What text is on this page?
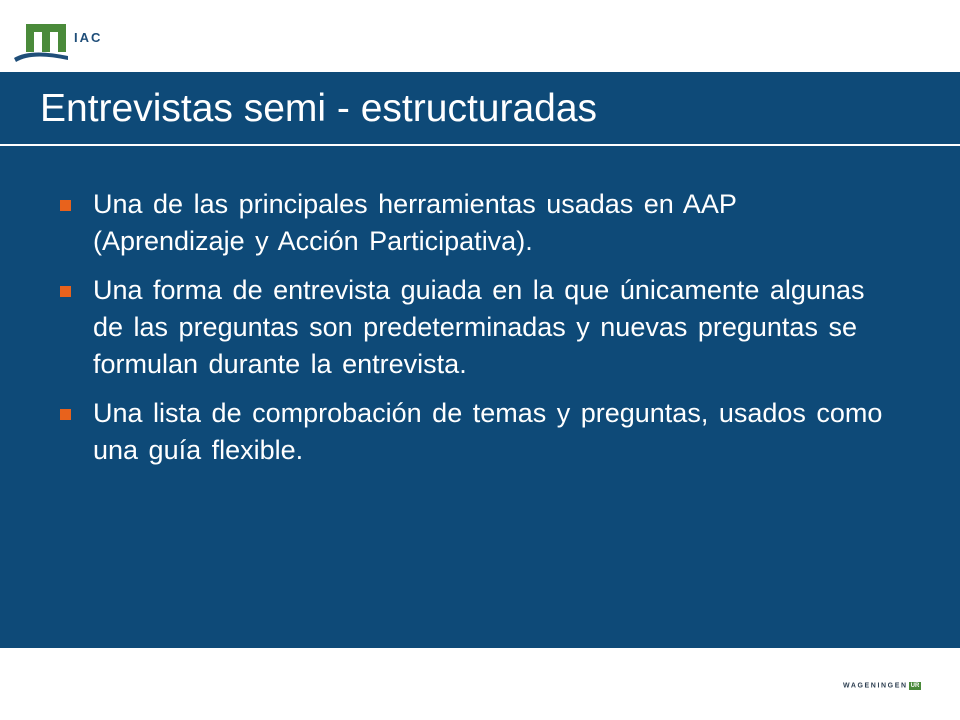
IAC
Entrevistas semi - estructuradas
Una de las principales herramientas usadas en AAP (Aprendizaje y Acción Participativa).
Una forma de entrevista guiada en la que únicamente algunas de las preguntas son predeterminadas y nuevas preguntas se formulan durante la entrevista.
Una lista de comprobación de temas y preguntas, usados como una guía flexible.
WAGENINGEN UR
